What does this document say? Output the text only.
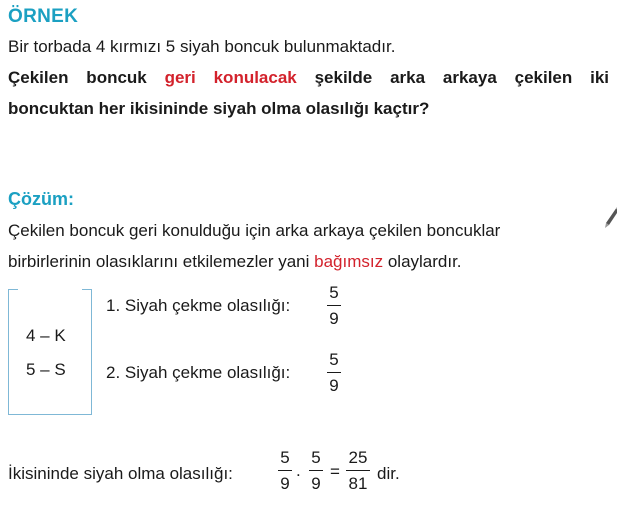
ÖRNEK
Bir torbada 4 kırmızı 5 siyah boncuk bulunmaktadır.
Çekilen boncuk geri konulacak şekilde arka arkaya çekilen iki
boncuktan her ikisininde siyah olma olasılığı kaçtır?
Çözüm:
Çekilen boncuk geri konulduğu için arka arkaya çekilen boncuklar
birbirlerinin olasıklarını etkilemezler yani bağımsız olaylardır.
4 – K
5 – S
1. Siyah çekme olasılığı:
5
9
2. Siyah çekme olasılığı:
5
9
İkisininde siyah olma olasılığı:
5
9
.
5
9
=
25
81
dir.
